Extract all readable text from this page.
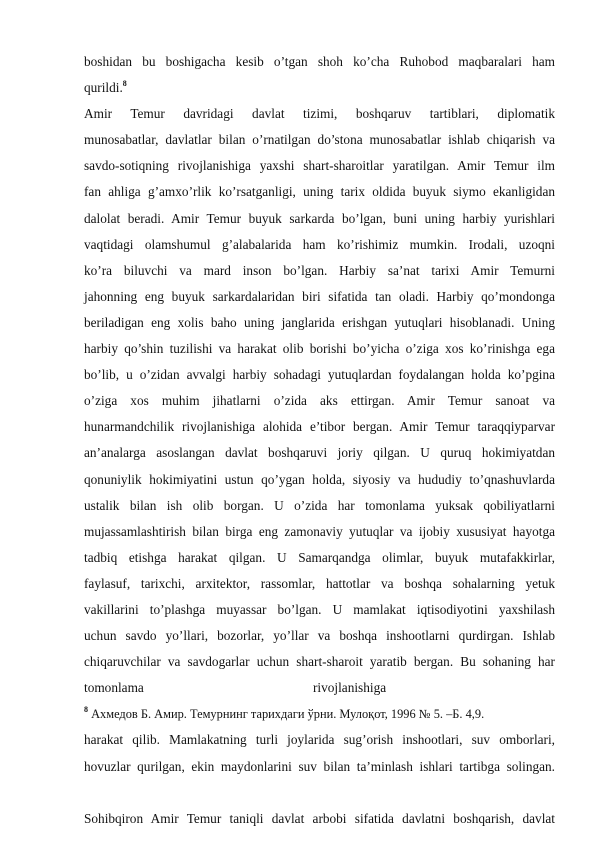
boshidan bu boshigacha kesib o’tgan shoh ko’cha Ruhobod maqbaralari ham
qurildi.$^8$
Amir Temur davridagi davlat tizimi, boshqaruv tartiblari, diplomatik
munosabatlar, davlatlar bilan o’rnatilgan do’stona munosabatlar ishlab chiqarish va
savdo-sotiqning rivojlanishiga yaxshi shart-sharoitlar yaratilgan. Amir Temur ilm
fan ahliga g’amxo’rlik ko’rsatganligi, uning tarix oldida buyuk siymo ekanligidan
dalolat beradi. Amir Temur buyuk sarkarda bo’lgan, buni uning harbiy yurishlari
vaqtidagi olamshumul g’alabalarida ham ko’rishimiz mumkin. Irodali, uzoqni
ko’ra biluvchi va mard inson bo’lgan. Harbiy sa’nat tarixi Amir Temurni
jahonning eng buyuk sarkardalaridan biri sifatida tan oladi. Harbiy qo’mondonga
beriladigan eng xolis baho uning janglarida erishgan yutuqlari hisoblanadi. Uning
harbiy qo’shin tuzilishi va harakat olib borishi bo’yicha o’ziga xos ko’rinishga ega
bo’lib, u o’zidan avvalgi harbiy sohadagi yutuqlardan foydalangan holda ko’pgina
o’ziga xos muhim jihatlarni o’zida aks ettirgan. Amir Temur sanoat va
hunarmandchilik rivojlanishiga alohida e’tibor bergan. Amir Temur taraqqiyparvar
an’analarga asoslangan davlat boshqaruvi joriy qilgan. U quruq hokimiyatdan
qonuniylik hokimiyatini ustun qo’ygan holda, siyosiy va hududiy to’qnashuvlarda
ustalik bilan ish olib borgan. U o’zida har tomonlama yuksak qobiliyatlarni
mujassamlashtirish bilan birga eng zamonaviy yutuqlar va ijobiy xususiyat hayotga
tadbiq etishga harakat qilgan. U Samarqandga olimlar, buyuk mutafakkirlar,
faylasuf, tarixchi, arxitektor, rassomlar, hattotlar va boshqa sohalarning yetuk
vakillarini to’plashga muyassar bo’lgan. U mamlakat iqtisodiyotini yaxshilash
uchun savdo yo’llari, bozorlar, yo’llar va boshqa inshootlarni qurdirgan. Ishlab
chiqaruvchilar va savdogarlar uchun shart-sharoit yaratib bergan. Bu sohaning har
tomonlama	rivojlanishiga
$^8$ Ахмедов Б. Амир. Темурнинг тарихдаги ўрни. Мулоқот, 1996 № 5. –Б. 4,9.
harakat qilib. Mamlakatning turli joylarida sug’orish inshootlari, suv omborlari,
hovuzlar qurilgan, ekin maydonlarini suv bilan ta’minlash ishlari tartibga solingan.
Sohibqiron Amir Temur taniqli davlat arbobi sifatida davlatni boshqarish, davlat
